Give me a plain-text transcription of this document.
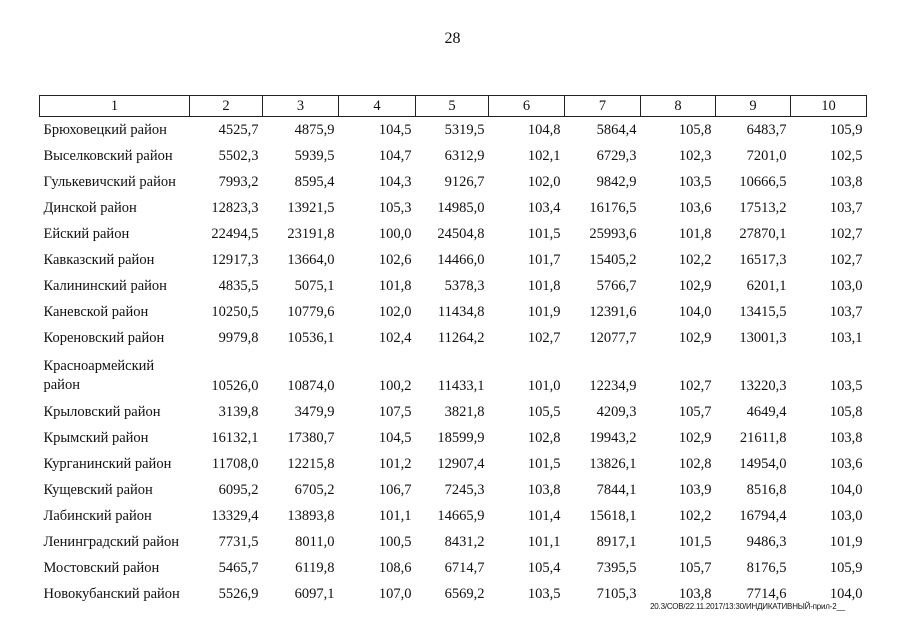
28
1	2	3	4	5	6	7	8	9	10
Брюховецкий район	4525,7	4875,9	104,5	5319,5	104,8	5864,4	105,8	6483,7	105,9
Выселковский район	5502,3	5939,5	104,7	6312,9	102,1	6729,3	102,3	7201,0	102,5
Гулькевичский район	7993,2	8595,4	104,3	9126,7	102,0	9842,9	103,5	10666,5	103,8
Динской район	12823,3	13921,5	105,3	14985,0	103,4	16176,5	103,6	17513,2	103,7
Ейский район	22494,5	23191,8	100,0	24504,8	101,5	25993,6	101,8	27870,1	102,7
Кавказский район	12917,3	13664,0	102,6	14466,0	101,7	15405,2	102,2	16517,3	102,7
Калининский район	4835,5	5075,1	101,8	5378,3	101,8	5766,7	102,9	6201,1	103,0
Каневской район	10250,5	10779,6	102,0	11434,8	101,9	12391,6	104,0	13415,5	103,7
Кореновский район	9979,8	10536,1	102,4	11264,2	102,7	12077,7	102,9	13001,3	103,1
Красноармейский район	10526,0	10874,0	100,2	11433,1	101,0	12234,9	102,7	13220,3	103,5
Крыловский район	3139,8	3479,9	107,5	3821,8	105,5	4209,3	105,7	4649,4	105,8
Крымский район	16132,1	17380,7	104,5	18599,9	102,8	19943,2	102,9	21611,8	103,8
Курганинский район	11708,0	12215,8	101,2	12907,4	101,5	13826,1	102,8	14954,0	103,6
Кущевский район	6095,2	6705,2	106,7	7245,3	103,8	7844,1	103,9	8516,8	104,0
Лабинский район	13329,4	13893,8	101,1	14665,9	101,4	15618,1	102,2	16794,4	103,0
Ленинградский район	7731,5	8011,0	100,5	8431,2	101,1	8917,1	101,5	9486,3	101,9
Мостовский район	5465,7	6119,8	108,6	6714,7	105,4	7395,5	105,7	8176,5	105,9
Новокубанский район	5526,9	6097,1	107,0	6569,2	103,5	7105,3	103,8	7714,6	104,0
20.3/СОВ/22.11.2017/13:30/ИНДИКАТИВНЫЙ-прил-2__
